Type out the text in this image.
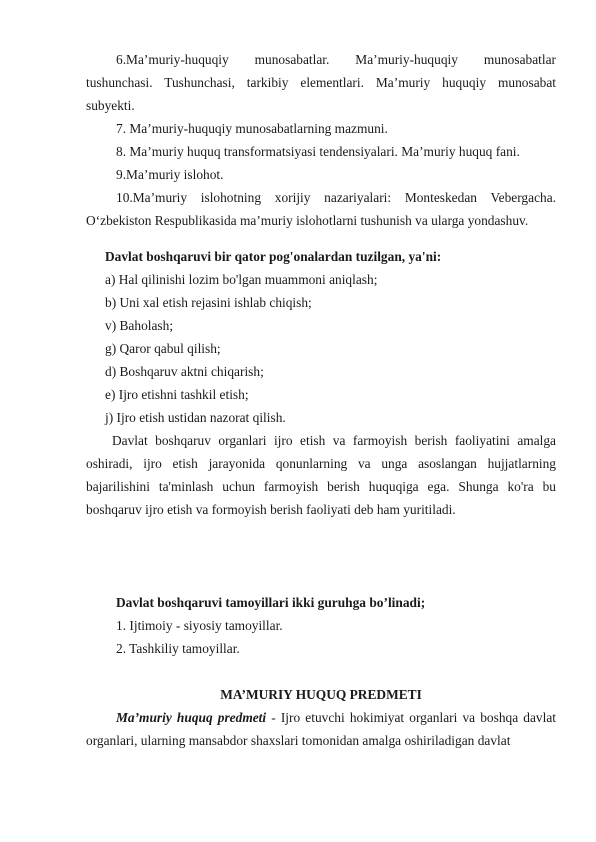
6.Ma’muriy-huquqiy munosabatlar. Ma’muriy-huquqiy munosabatlar tushunchasi. Tushunchasi, tarkibiy elementlari. Ma’muriy huquqiy munosabat subyekti.

7. Ma’muriy-huquqiy munosabatlarning mazmuni.

8. Ma’muriy huquq transformatsiyasi tendensiyalari. Ma’muriy huquq fani.

9.Ma’muriy islohot.

10.Ma’muriy islohotning xorijiy nazariyalari: Monteskedan Vebergacha. O‘zbekiston Respublikasida ma’muriy islohotlarni tushunish va ularga yondashuv.

Davlat boshqaruvi bir qator pog'onalardan tuzilgan, ya'ni:

a) Hal qilinishi lozim bo'lgan muammoni aniqlash;

b) Uni xal etish rejasini ishlab chiqish;

v) Baholash;

g) Qaror qabul qilish;

d) Boshqaruv aktni chiqarish;

e) Ijro etishni tashkil etish;

j) Ijro etish ustidan nazorat qilish.

Davlat boshqaruv organlari ijro etish va farmoyish berish faoliyatini amalga oshiradi, ijro etish jarayonida qonunlarning va unga asoslangan hujjatlarning bajarilishini ta'minlash uchun farmoyish berish huquqiga ega. Shunga ko'ra bu boshqaruv ijro etish va formoyish berish faoliyati deb ham yuritiladi.

Davlat boshqaruvi tamoyillari ikki guruhga bo’linadi;

1. Ijtimoiy - siyosiy tamoyillar.

2. Tashkiliy tamoyillar.

MA’MURIY HUQUQ PREDMETI

Ma’muriy huquq predmeti - Ijro etuvchi hokimiyat organlari va boshqa davlat organlari, ularning mansabdor shaxslari tomonidan amalga oshiriladigan davlat
